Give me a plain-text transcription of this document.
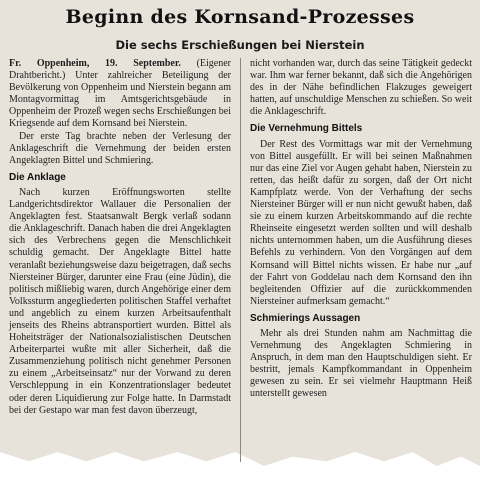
Beginn des Kornsand-Prozesses
Die sechs Erschießungen bei Nierstein

Fr. Oppenheim, 19. September. (Eigener Drahtbericht.) Unter zahlreicher Beteiligung der Bevölkerung von Oppenheim und Nierstein begann am Montagvormittag im Amtsgerichtsgebäude in Oppenheim der Prozeß wegen sechs Erschießungen bei Kriegsende auf dem Kornsand bei Nierstein.

Der erste Tag brachte neben der Verlesung der Anklageschrift die Vernehmung der beiden ersten Angeklagten Bittel und Schmiering.

Die Anklage

Nach kurzen Eröffnungsworten stellte Landgerichtsdirektor Wallauer die Personalien der Angeklagten fest. Staatsanwalt Bergk verlaß sodann die Anklageschrift. Danach haben die drei Angeklagten sich des Verbrechens gegen die Menschlichkeit schuldig gemacht. Der Angeklagte Bittel hatte veranlaßt beziehungsweise dazu beigetragen, daß sechs Niersteiner Bürger, darunter eine Frau (eine Jüdin), die politisch mißliebig waren, durch Angehörige einer dem Volkssturm angegliederten politischen Staffel verhaftet und angeblich zu einem kurzen Arbeitsaufenthalt jenseits des Rheins abtransportiert wurden. Bittel als Hoheitsträger der Nationalsozialistischen Deutschen Arbeiterpartei wußte mit aller Sicherheit, daß die Zusammenziehung politisch nicht genehmer Personen zu einem „Arbeitseinsatz“ nur der Vorwand zu deren Verschleppung in ein Konzentrationslager bedeutet oder deren Liquidierung zur Folge hatte. In Darmstadt bei der Gestapo war man fest davon überzeugt,

nicht vorhanden war, durch das seine Tätigkeit gedeckt war. Ihm war ferner bekannt, daß sich die Angehörigen des in der Nähe befindlichen Flakzuges geweigert hatten, auf unschuldige Menschen zu schießen. So weit die Anklageschrift.

Die Vernehmung Bittels

Der Rest des Vormittags war mit der Vernehmung von Bittel ausgefüllt. Er will bei seinen Maßnahmen nur das eine Ziel vor Augen gehabt haben, Nierstein zu retten, das heißt dafür zu sorgen, daß der Ort nicht Kampfplatz werde. Von der Verhaftung der sechs Niersteiner Bürger will er nun nicht gewußt haben, daß sie zu einem kurzen Arbeitskommando auf die rechte Rheinseite eingesetzt werden sollten und will deshalb nichts unternommen haben, um die Ausführung dieses Befehls zu verhindern. Von den Vorgängen auf dem Kornsand will Bittel nichts wissen. Er habe nur „auf der Fahrt von Goddelau nach dem Kornsand den ihn begleitenden Offizier auf die zurückkommenden Niersteiner aufmerksam gemacht.“

Schmierings Aussagen

Mehr als drei Stunden nahm am Nachmittag die Vernehmung des Angeklagten Schmiering in Anspruch, in dem man den Hauptschuldigen sieht. Er bestritt, jemals Kampfkommandant in Oppenheim gewesen zu sein. Er sei vielmehr Hauptmann Heiß unterstellt gewesen
